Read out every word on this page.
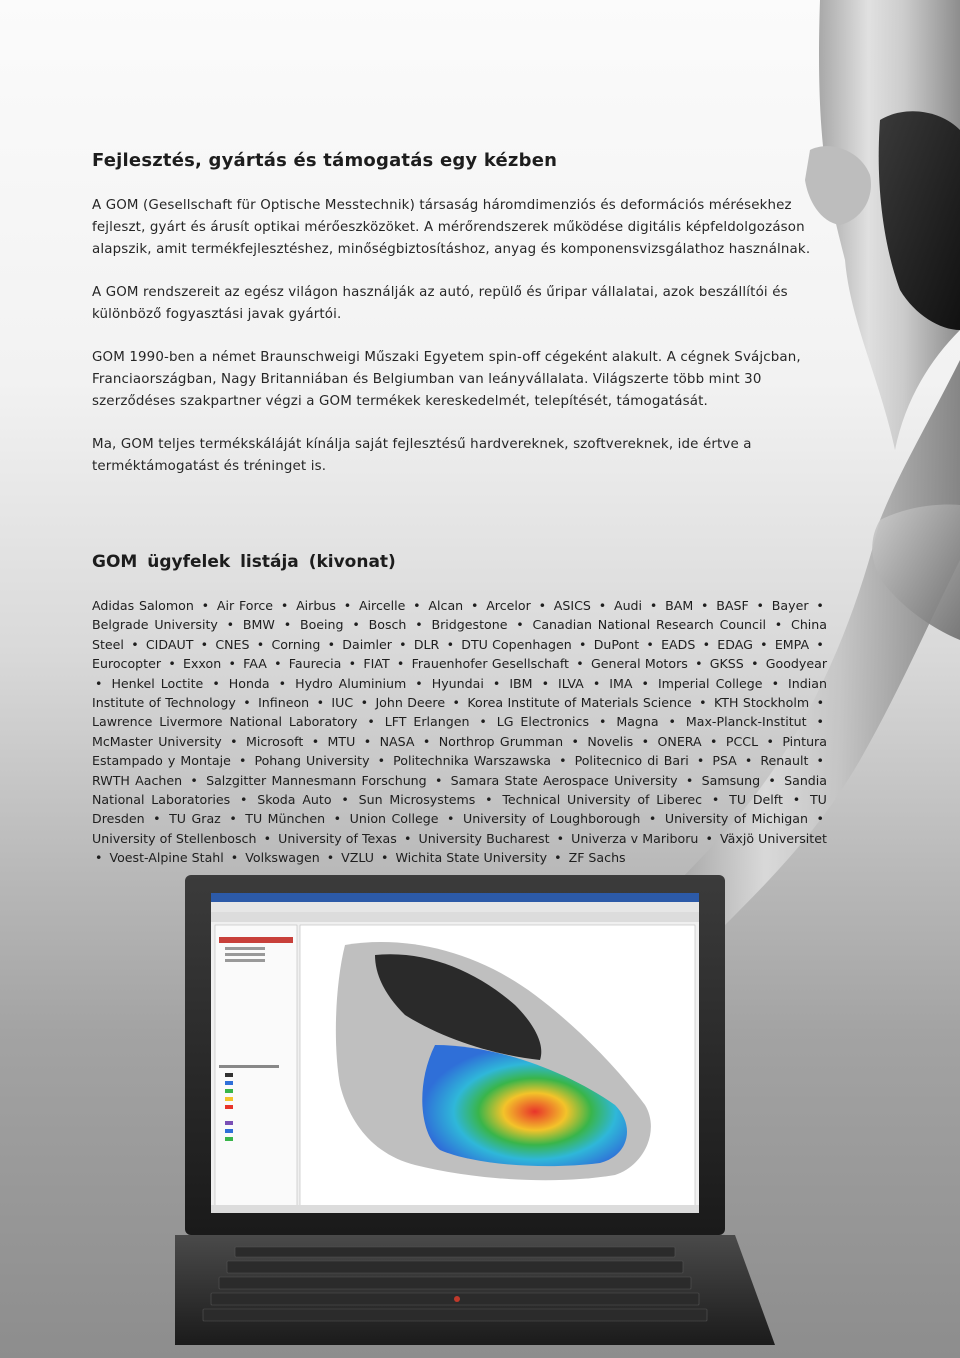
Fejlesztés, gyártás és támogatás egy kézben

A GOM (Gesellschaft für Optische Messtechnik) társaság háromdimenziós és deformációs mérésekhez fejleszt, gyárt és árusít optikai mérőeszközöket. A mérőrendszerek működése digitális képfeldolgozáson alapszik, amit termékfejlesztéshez, minőségbiztosításhoz, anyag és komponensvizsgálathoz használnak.

A GOM rendszereit az egész világon használják az autó, repülő és űripar vállalatai, azok beszállítói és különböző fogyasztási javak gyártói.

GOM 1990-ben a német Braunschweigi Műszaki Egyetem spin-off cégeként alakult. A cégnek Svájcban, Franciaországban, Nagy Britanniában és Belgiumban van leányvállalata. Világszerte több mint 30 szerződéses szakpartner végzi a GOM termékek kereskedelmét, telepítését, támogatását.

Ma, GOM teljes termékskáláját kínálja saját fejlesztésű hardvereknek, szoftvereknek, ide értve a terméktámogatást és tréninget is.

GOM ügyfelek listája (kivonat)
Adidas Salomon • Air Force • Airbus • Aircelle • Alcan • Arcelor • ASICS • Audi • BAM • BASF • Bayer • Belgrade University • BMW • Boeing • Bosch • Bridgestone • Canadian National Research Council • China Steel • CIDAUT • CNES • Corning • Daimler • DLR • DTU Copenhagen • DuPont • EADS • EDAG • EMPA • Eurocopter • Exxon • FAA • Faurecia • FIAT • Frauenhofer Gesellschaft • General Motors • GKSS • Goodyear • Henkel Loctite • Honda • Hydro Aluminium • Hyundai • IBM • ILVA • IMA • Imperial College • Indian Institute of Technology • Infineon • IUC • John Deere • Korea Institute of Materials Science • KTH Stockholm • Lawrence Livermore National Laboratory • LFT Erlangen • LG Electronics • Magna • Max-Planck-Institut • McMaster University • Microsoft • MTU • NASA • Northrop Grumman • Novelis • ONERA • PCCL • Pintura Estampado y Montaje • Pohang University • Politechnika Warszawska • Politecnico di Bari • PSA • Renault • RWTH Aachen • Salzgitter Mannesmann Forschung • Samara State Aerospace University • Samsung • Sandia National Laboratories • Skoda Auto • Sun Microsystems • Technical University of Liberec • TU Delft • TU Dresden • TU Graz • TU München • Union College • University of Loughborough • University of Michigan • University of Stellenbosch • University of Texas • University Bucharest • Univerza v Mariboru • Växjö Universitet • Voest-Alpine Stahl • Volkswagen • VZLU • Wichita State University • ZF Sachs
